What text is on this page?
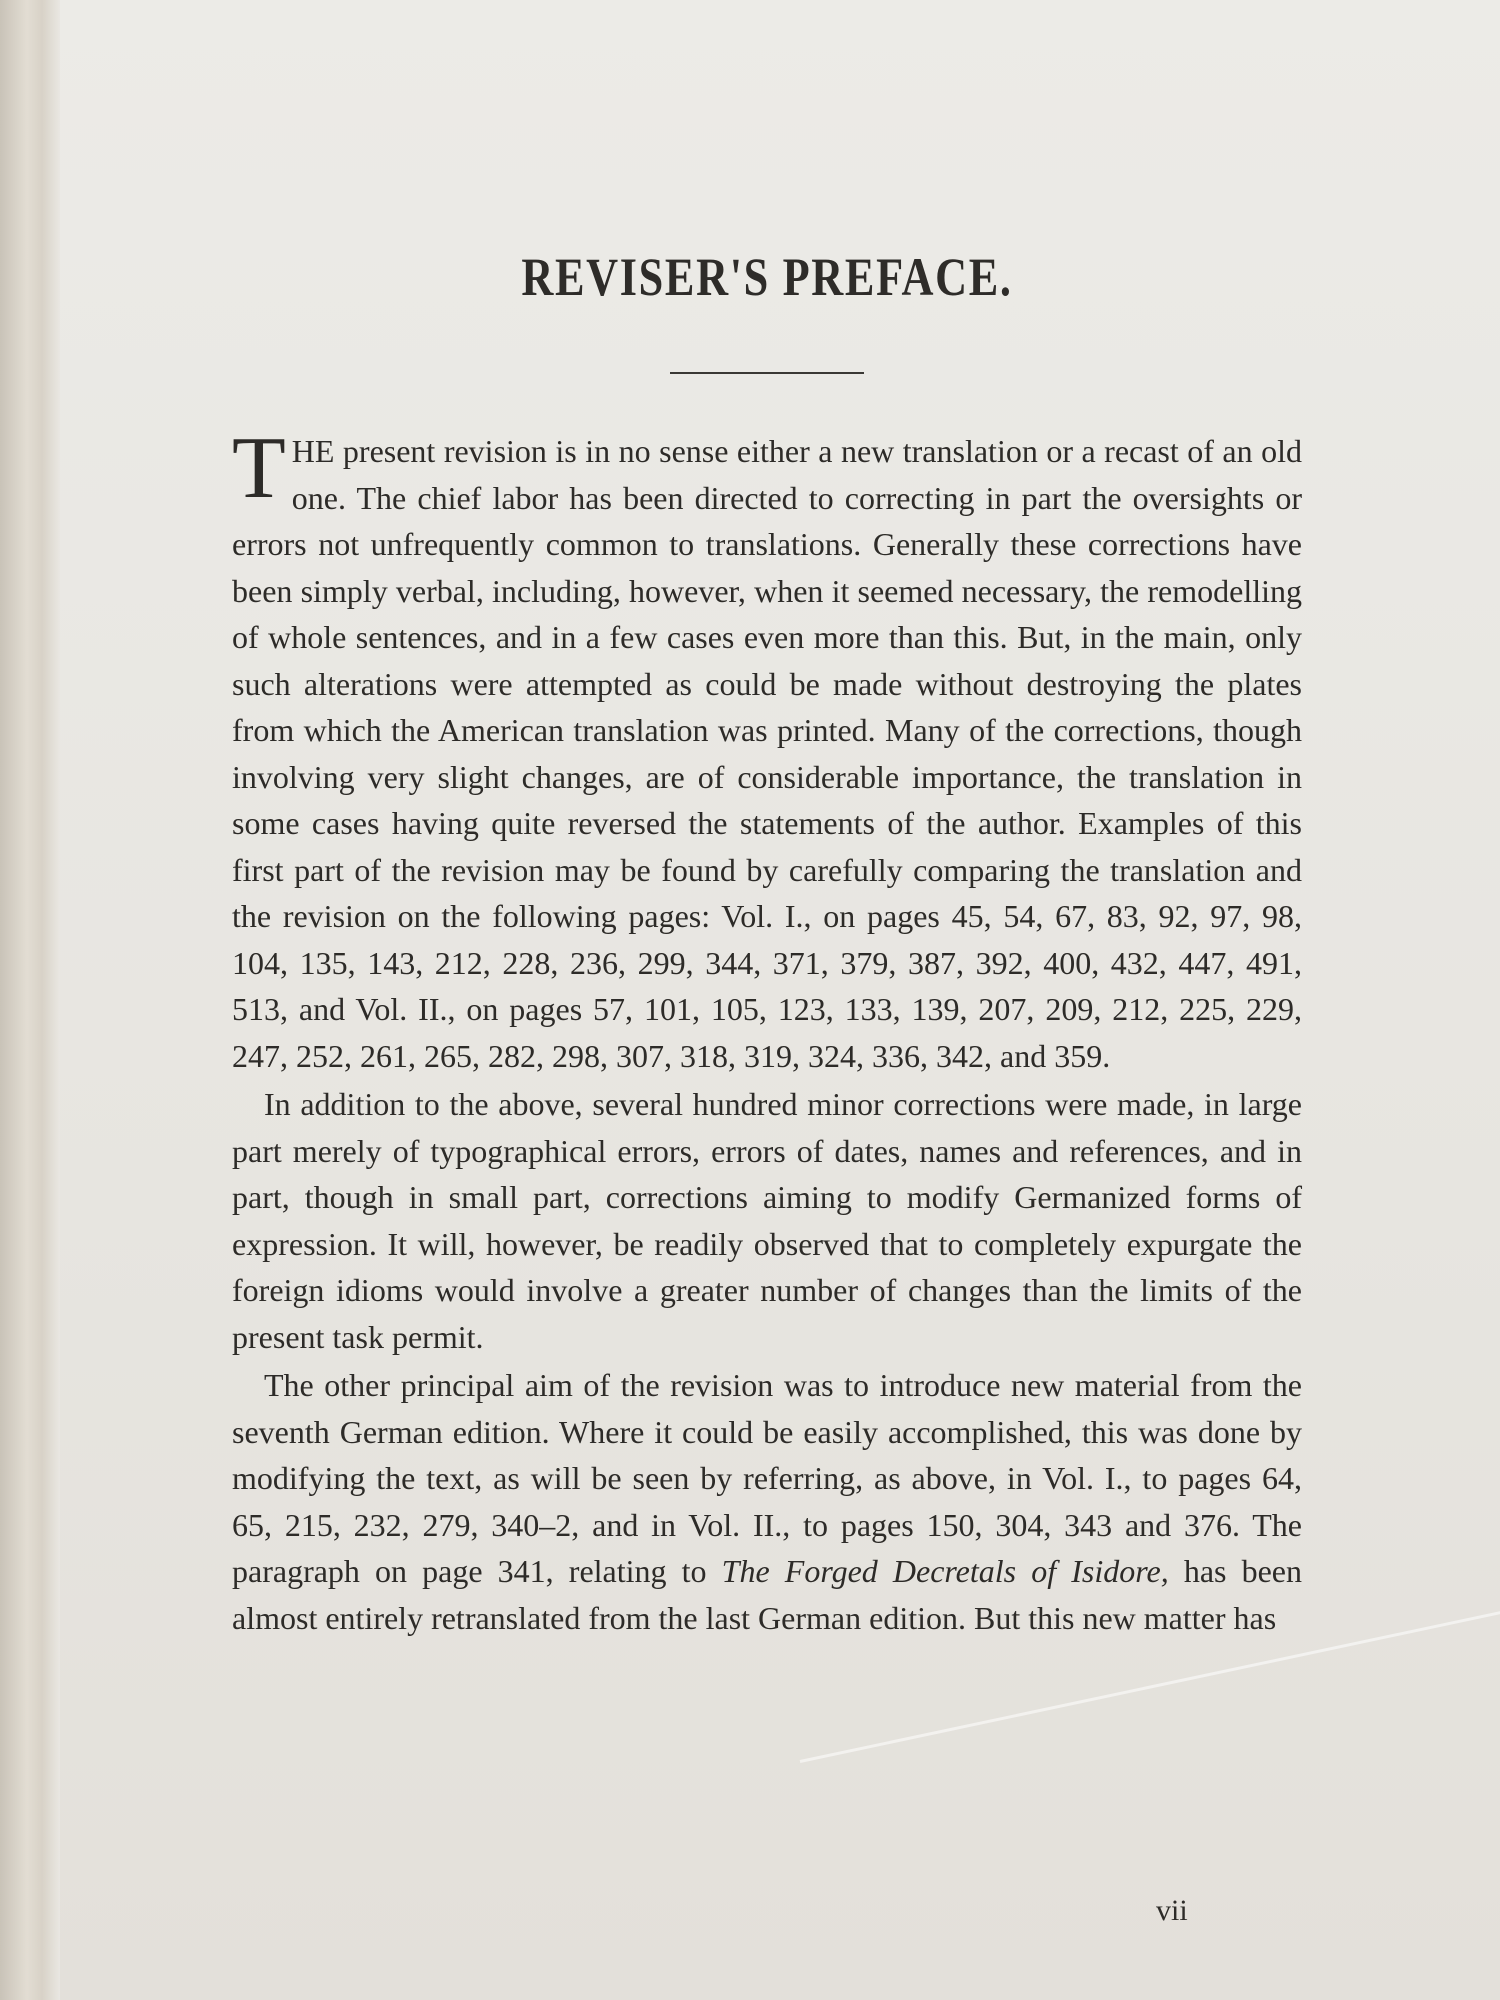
REVISER'S PREFACE.

THE present revision is in no sense either a new translation or a recast of an old one. The chief labor has been directed to correcting in part the oversights or errors not unfrequently common to translations. Generally these corrections have been simply verbal, including, however, when it seemed necessary, the remodelling of whole sentences, and in a few cases even more than this. But, in the main, only such alterations were attempted as could be made without destroying the plates from which the American translation was printed. Many of the corrections, though involving very slight changes, are of considerable importance, the translation in some cases having quite reversed the statements of the author. Examples of this first part of the revision may be found by carefully comparing the translation and the revision on the following pages: Vol. I., on pages 45, 54, 67, 83, 92, 97, 98, 104, 135, 143, 212, 228, 236, 299, 344, 371, 379, 387, 392, 400, 432, 447, 491, 513, and Vol. II., on pages 57, 101, 105, 123, 133, 139, 207, 209, 212, 225, 229, 247, 252, 261, 265, 282, 298, 307, 318, 319, 324, 336, 342, and 359.

In addition to the above, several hundred minor corrections were made, in large part merely of typographical errors, errors of dates, names and references, and in part, though in small part, corrections aiming to modify Germanized forms of expression. It will, however, be readily observed that to completely expurgate the foreign idioms would involve a greater number of changes than the limits of the present task permit.

The other principal aim of the revision was to introduce new material from the seventh German edition. Where it could be easily accomplished, this was done by modifying the text, as will be seen by referring, as above, in Vol. I., to pages 64, 65, 215, 232, 279, 340–2, and in Vol. II., to pages 150, 304, 343 and 376. The paragraph on page 341, relating to The Forged Decretals of Isidore, has been almost entirely retranslated from the last German edition. But this new matter has

vii
